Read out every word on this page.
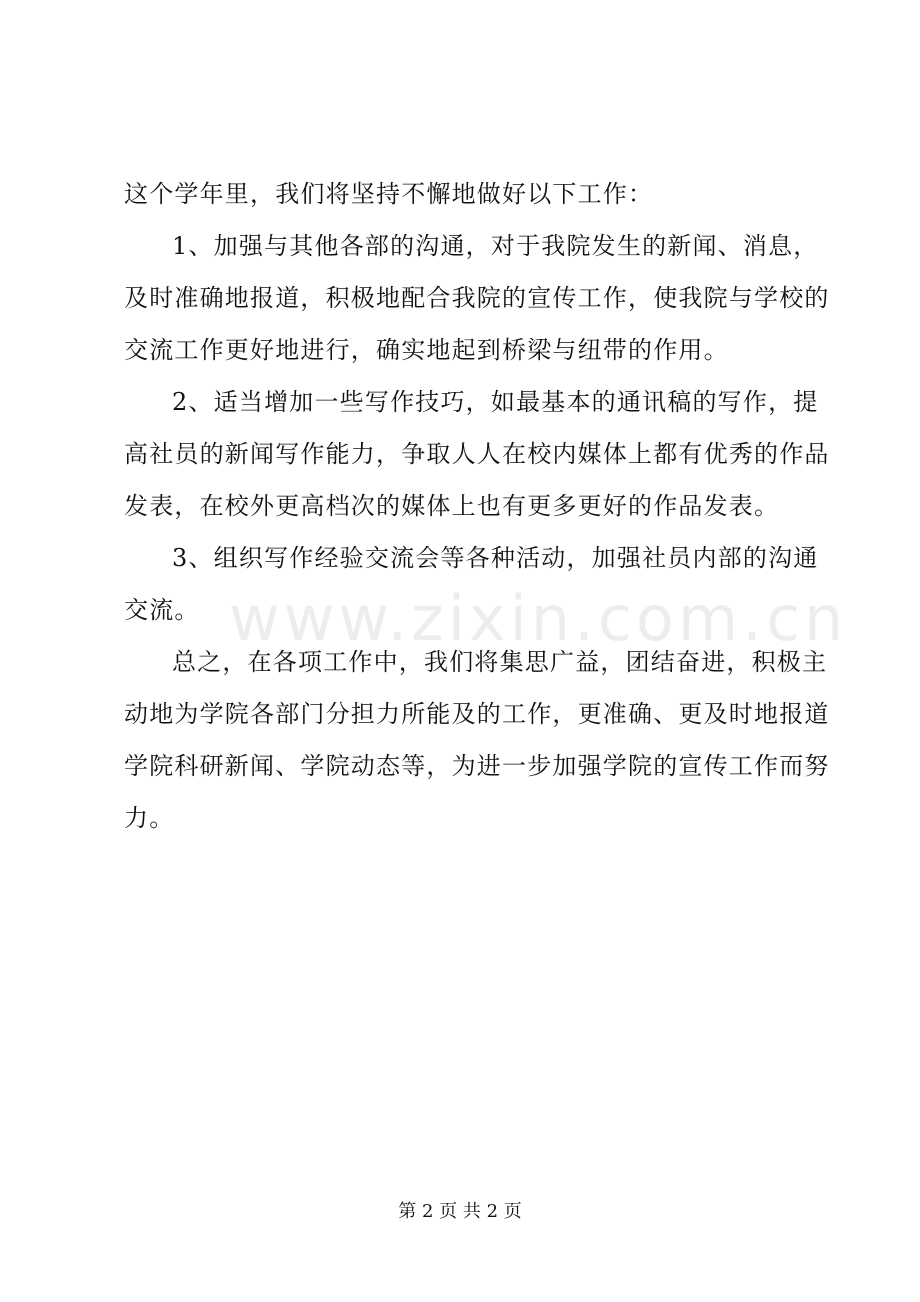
这个学年里，我们将坚持不懈地做好以下工作：
1、加强与其他各部的沟通，对于我院发生的新闻、消息，
及时准确地报道，积极地配合我院的宣传工作，使我院与学校的
交流工作更好地进行，确实地起到桥梁与纽带的作用。
2、适当增加一些写作技巧，如最基本的通讯稿的写作，提
高社员的新闻写作能力，争取人人在校内媒体上都有优秀的作品
发表，在校外更高档次的媒体上也有更多更好的作品发表。
3、组织写作经验交流会等各种活动，加强社员内部的沟通
交流。
总之，在各项工作中，我们将集思广益，团结奋进，积极主
动地为学院各部门分担力所能及的工作，更准确、更及时地报道
学院科研新闻、学院动态等，为进一步加强学院的宣传工作而努
力。
www.zixin.com.cn
第 2 页 共 2 页
